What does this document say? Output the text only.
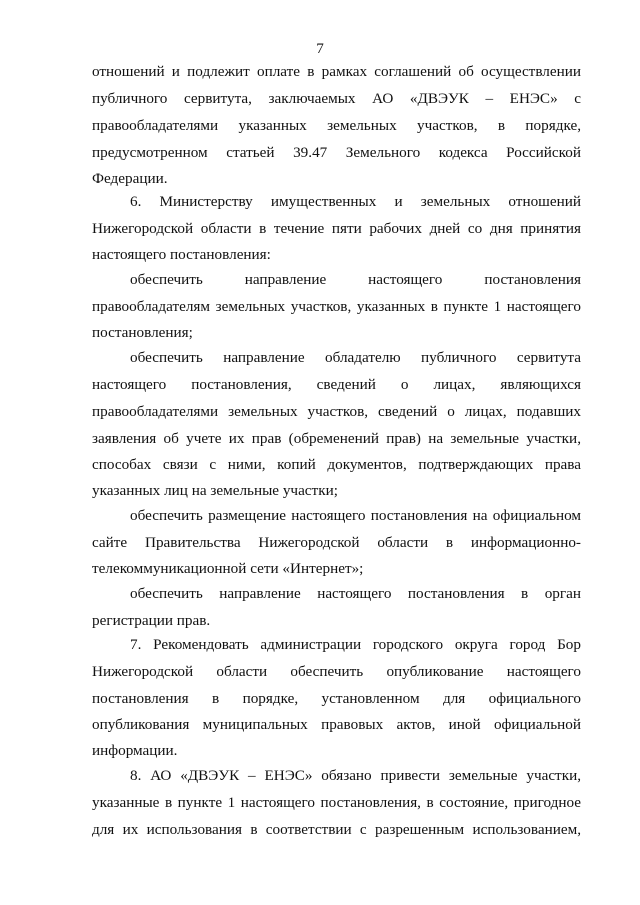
7
отношений и подлежит оплате в рамках соглашений об осуществлении
публичного сервитута, заключаемых АО «ДВЭУК – ЕНЭС» с
правообладателями указанных земельных участков, в порядке,
предусмотренном статьей 39.47 Земельного кодекса Российской
Федерации.
6. Министерству имущественных и земельных отношений
Нижегородской области в течение пяти рабочих дней со дня принятия
настоящего постановления:
обеспечить направление настоящего постановления
правообладателям земельных участков, указанных в пункте 1 настоящего
постановления;
обеспечить направление обладателю публичного сервитута
настоящего постановления, сведений о лицах, являющихся
правообладателями земельных участков, сведений о лицах, подавших
заявления об учете их прав (обременений прав) на земельные участки,
способах связи с ними, копий документов, подтверждающих права
указанных лиц на земельные участки;
обеспечить размещение настоящего постановления на официальном
сайте Правительства Нижегородской области в информационно-
телекоммуникационной сети «Интернет»;
обеспечить направление настоящего постановления в орган
регистрации прав.
7. Рекомендовать администрации городского округа город Бор
Нижегородской области обеспечить опубликование настоящего
постановления в порядке, установленном для официального
опубликования муниципальных правовых актов, иной официальной
информации.
8. АО «ДВЭУК – ЕНЭС» обязано привести земельные участки,
указанные в пункте 1 настоящего постановления, в состояние, пригодное
для их использования в соответствии с разрешенным использованием,
